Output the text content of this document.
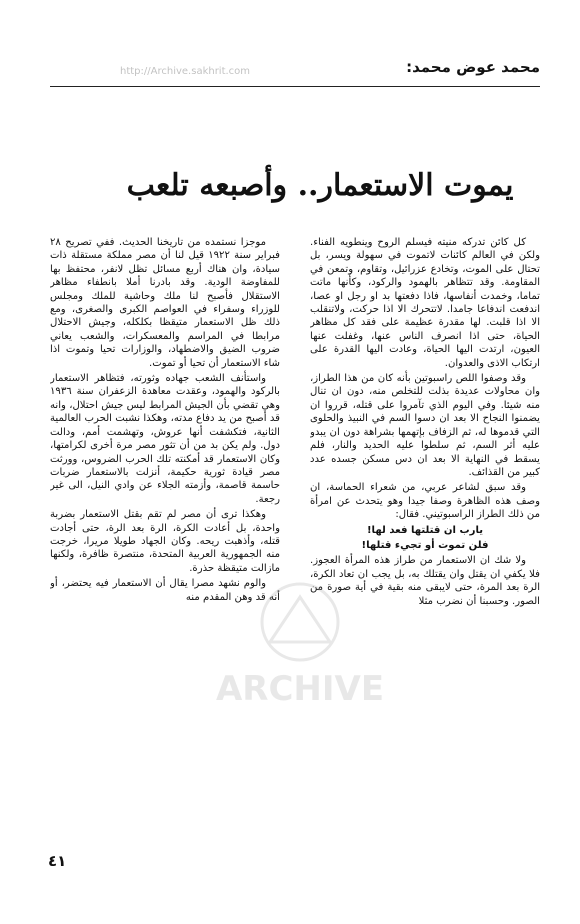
محمد عوض محمد:
http://Archive.sakhrit.com
يموت الاستعمار.. وأصبعه تلعب

كل كائن تدركه منيته فيسلم الروح وينطويه الفناء. ولكن في العالم كائنات لاتموت في سهولة ويسر، بل تحتال على الموت، وتخادع عزرائيل، وتقاوم، وتمعن في المقاومة. وقد تتظاهر بالهمود والركود، وكأنها ماتت تماما، وخمدت أنفاسها، فاذا دفعتها بد او رجل او عصا، اندفعت اندفاعا جامدا. لاتتحرك الا اذا حركت، ولاتنقلب الا اذا قلبت. لها مقدرة عظيمة على فقد كل مظاهر الحياة، حتى اذا انصرف الناس عنها، وغفلت عنها العيون، ارتدت اليها الحياة، وعادت اليها القدرة على ارتكاب الاذى والعدوان.

وقد وصفوا اللص راسبوتين بأنه كان من هذا الطراز، وان محاولات عديدة بذلت للتخلص منه، دون ان تنال منه شيئا. وفي اليوم الذي تآمروا على قتله، قرروا ان يضمنوا النجاح الا بعد ان دسوا السم في النبيذ والحلوى التي قدموها له، ثم الزفاف بإتهمها بشراهة دون ان يبدو عليه أثر السم، ثم سلطوا عليه الحديد والنار، فلم يسقط في النهاية الا بعد ان دس مسكن جسده عدد كبير من القذائف.

وقد سبق لشاعر عربي، من شعراء الحماسة، ان وصف هذه الظاهرة وصفا جيدا وهو يتحدث عن امرأة من ذلك الطراز الراسبوتيني. فقال:

يارب ان قتلتها فعد لها!

فلن تموت أو تجيء قتلها!

ولا شك ان الاستعمار من طراز هذه المرأة العجوز. فلا يكفي ان يقتل وان يقتلك به، بل يجب ان تعاد الكرة، الرة بعد المرة، حتى لايبقى منه بقية في أية صورة من الصور. وحسبنا أن نضرب مثلا

موجزا نستمده من تاريخنا الحديث. ففي تصريح ٢٨ فبراير سنة ١٩٢٢ قيل لنا أن مصر مملكة مستقلة ذات سيادة، وان هناك أربع مسائل تظل لانفر، محتفظ بها للمفاوضة الودية. وقد بادرنا أملا بانطفاء مظاهر الاستقلال فأصبح لنا ملك وحاشية للملك ومجلس للوزراء وسفراء في العواصم الكبرى والصغرى، ومع ذلك ظل الاستعمار متيقظا بكلكله، وجيش الاحتلال مرابطا في المراسم والمعسكرات، والشعب يعاني ضروب الضيق والاضطهاد، والوزارات تحيا وتموت اذا شاء الاستعمار أن تحيا أو تموت.

واستأنف الشعب جهاده وثورته، فتظاهر الاستعمار بالركود والهمود، وعقدت معاهدة الزعفران سنة ١٩٣٦ وهي تقضي بأن الجيش المرابط ليس جيش احتلال، وانه قد أصبح من يد دفاع مدته، وهكذا نشبت الحرب العالمية الثانية، فتكشفت أنها عروش، وتهشمت أمم، ودالت دول. ولم يكن بد من أن تثور مصر مرة أخرى لكرامتها، وكان الاستعمار قد أمكنته تلك الحرب الضروس، وورثت مصر قيادة ثورية حكيمة، أنزلت بالاستعمار ضربات حاسمة قاصمة، وأزمته الجلاء عن وادي النيل، الى غير رجعة.

وهكذا ترى أن مصر لم تقم بقتل الاستعمار بضربة واحدة، بل أعادت الكرة، الرة بعد الرة، حتى أجادت قتله، وأذهبت ريحه. وكان الجهاد طويلا مريرا، خرجت منه الجمهورية العربية المتحدة، منتصرة ظافرة، ولكنها مازالت متيقظة حذرة.

والوم نشهد مصرا يقال أن الاستعمار فيه يحتضر، أو أنه قد وهن المقدم منه

ARCHIVE
٤١
